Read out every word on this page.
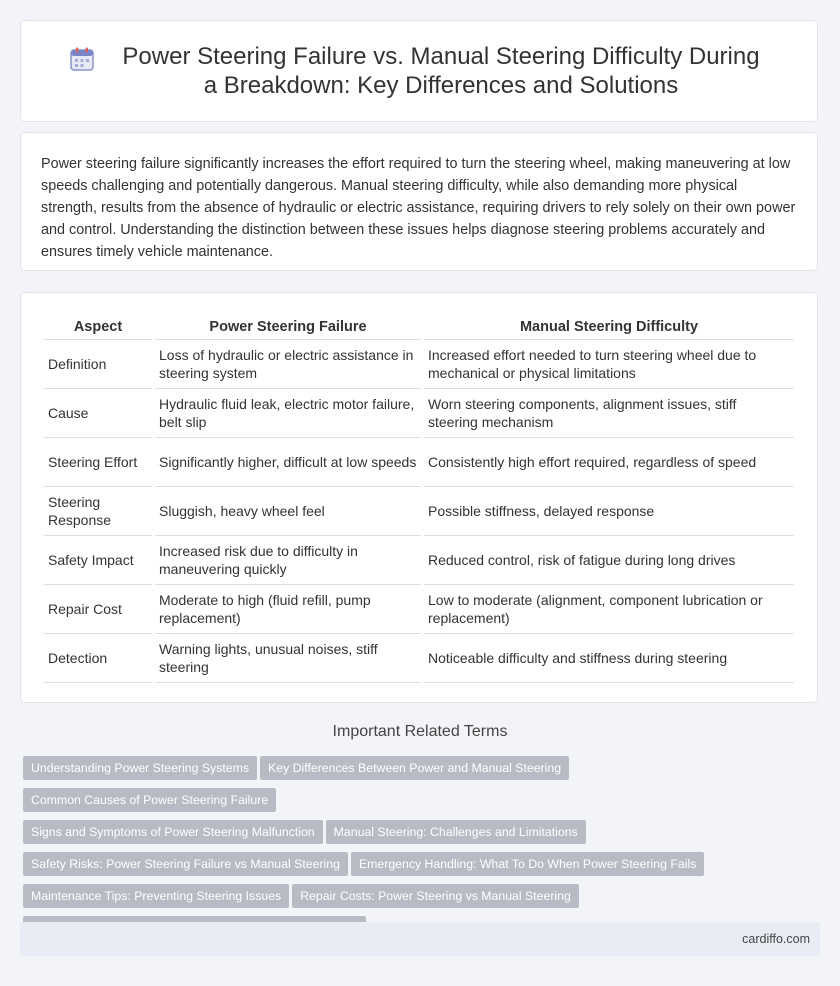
Power Steering Failure vs. Manual Steering Difficulty During a Breakdown: Key Differences and Solutions

Power steering failure significantly increases the effort required to turn the steering wheel, making maneuvering at low speeds challenging and potentially dangerous. Manual steering difficulty, while also demanding more physical strength, results from the absence of hydraulic or electric assistance, requiring drivers to rely solely on their own power and control. Understanding the distinction between these issues helps diagnose steering problems accurately and ensures timely vehicle maintenance.

Aspect	Power Steering Failure	Manual Steering Difficulty
Definition	Loss of hydraulic or electric assistance in steering system	Increased effort needed to turn steering wheel due to mechanical or physical limitations
Cause	Hydraulic fluid leak, electric motor failure, belt slip	Worn steering components, alignment issues, stiff steering mechanism
Steering Effort	Significantly higher, difficult at low speeds	Consistently high effort required, regardless of speed
Steering Response	Sluggish, heavy wheel feel	Possible stiffness, delayed response
Safety Impact	Increased risk due to difficulty in maneuvering quickly	Reduced control, risk of fatigue during long drives
Repair Cost	Moderate to high (fluid refill, pump replacement)	Low to moderate (alignment, component lubrication or replacement)
Detection	Warning lights, unusual noises, stiff steering	Noticeable difficulty and stiffness during steering
Important Related Terms
Understanding Power Steering Systems Key Differences Between Power and Manual SteeringCommon Causes of Power Steering Failure
Signs and Symptoms of Power Steering Malfunction Manual Steering: Challenges and Limitations
Safety Risks: Power Steering Failure vs Manual Steering Emergency Handling: What To Do When Power Steering Fails
Maintenance Tips: Preventing Steering Issues Repair Costs: Power Steering vs Manual Steering

cardiffo.com
